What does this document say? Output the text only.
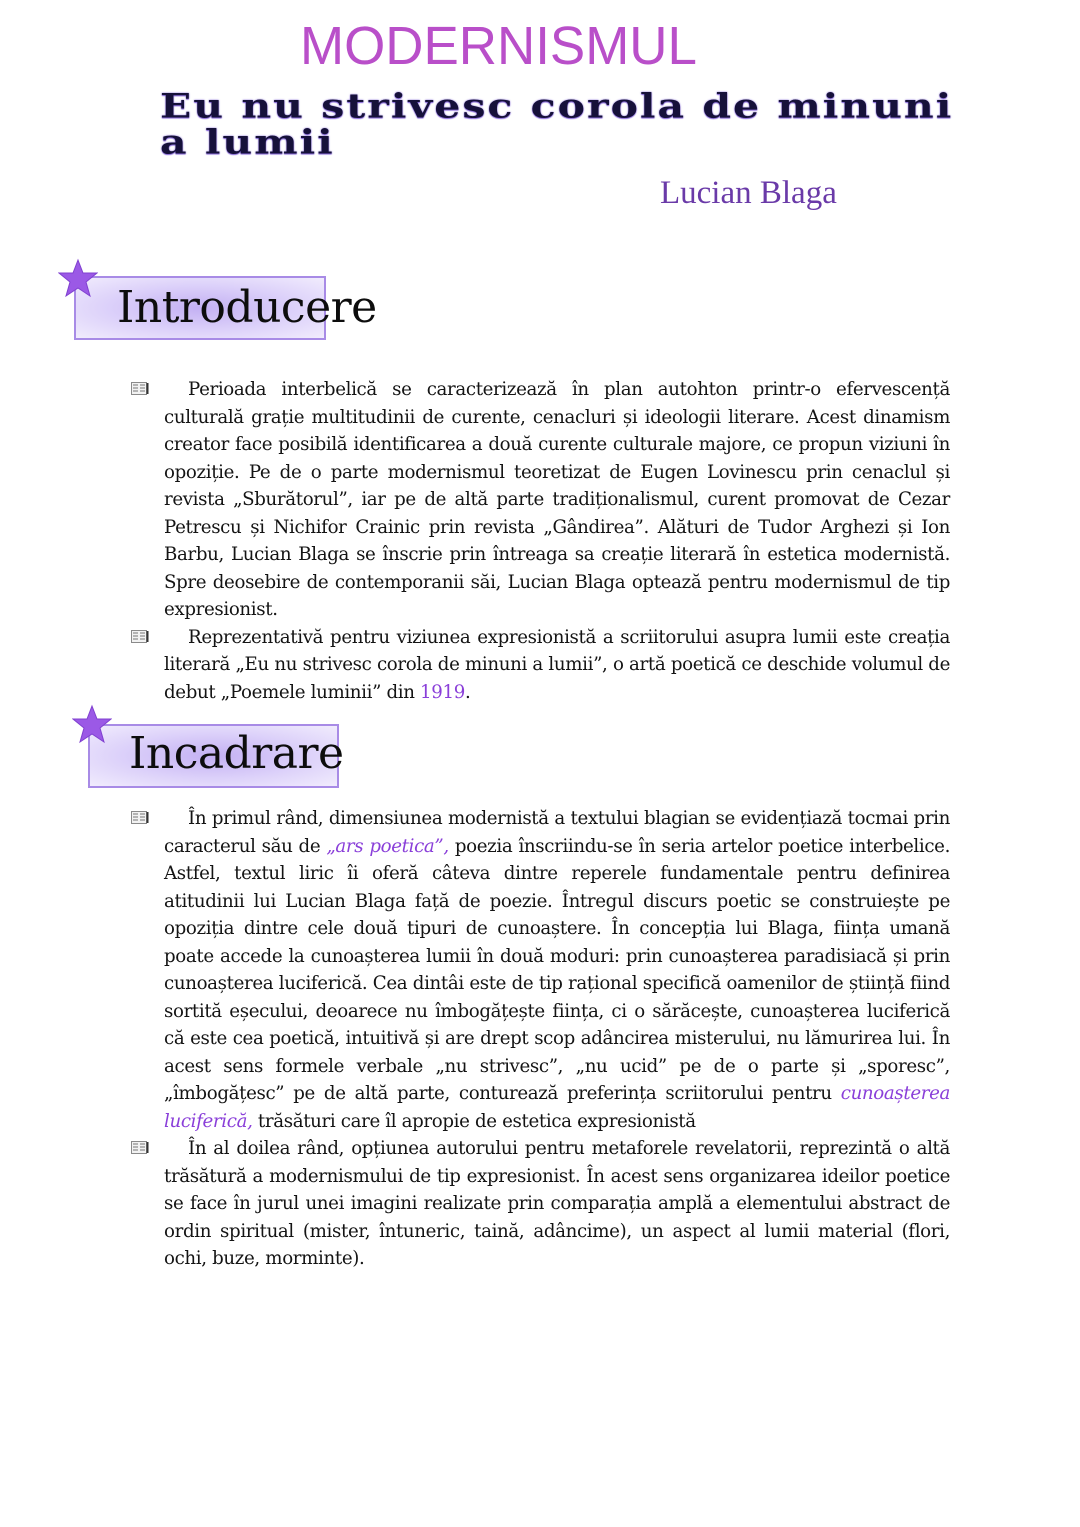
MODERNISMUL
Eu nu strivesc corola de minuni a lumii
Lucian Blaga
Introducere

Perioada interbelică se caracterizează în plan autohton printr-o efervescență culturală grație multitudinii de curente, cenacluri și ideologii literare. Acest dinamism creator face posibilă identificarea a două curente culturale majore, ce propun viziuni în opoziție. Pe de o parte modernismul teoretizat de Eugen Lovinescu prin cenaclul și revista „Sburătorul”, iar pe de altă parte tradiționalismul, curent promovat de Cezar Petrescu și Nichifor Crainic prin revista „Gândirea”. Alături de Tudor Arghezi și Ion Barbu, Lucian Blaga se înscrie prin întreaga sa creație literară în estetica modernistă. Spre deosebire de contemporanii săi, Lucian Blaga optează pentru modernismul de tip expresionist.

Reprezentativă pentru viziunea expresionistă a scriitorului asupra lumii este creația literară „Eu nu strivesc corola de minuni a lumii”, o artă poetică ce deschide volumul de debut „Poemele luminii” din 1919.

Incadrare

În primul rând, dimensiunea modernistă a textului blagian se evidențiază tocmai prin caracterul său de „ars poetica”, poezia înscriindu-se în seria artelor poetice interbelice. Astfel, textul liric îi oferă câteva dintre reperele fundamentale pentru definirea atitudinii lui Lucian Blaga față de poezie. Întregul discurs poetic se construiește pe opoziția dintre cele două tipuri de cunoaștere. În concepția lui Blaga, ființa umană poate accede la cunoașterea lumii în două moduri: prin cunoașterea paradisiacă și prin cunoașterea luciferică. Cea dintâi este de tip rațional specifică oamenilor de știință fiind sortită eșecului, deoarece nu îmbogățește ființa, ci o sărăcește, cunoașterea luciferică că este cea poetică, intuitivă și are drept scop adâncirea misterului, nu lămurirea lui. În acest sens formele verbale „nu strivesc”, „nu ucid” pe de o parte și „sporesc”, „îmbogățesc” pe de altă parte, conturează preferința scriitorului pentru cunoașterea luciferică, trăsături care îl apropie de estetica expresionistă

În al doilea rând, opțiunea autorului pentru metaforele revelatorii, reprezintă o altă trăsătură a modernismului de tip expresionist. În acest sens organizarea ideilor poetice se face în jurul unei imagini realizate prin comparația amplă a elementului abstract de ordin spiritual (mister, întuneric, taină, adâncime), un aspect al lumii material (flori, ochi, buze, morminte).
